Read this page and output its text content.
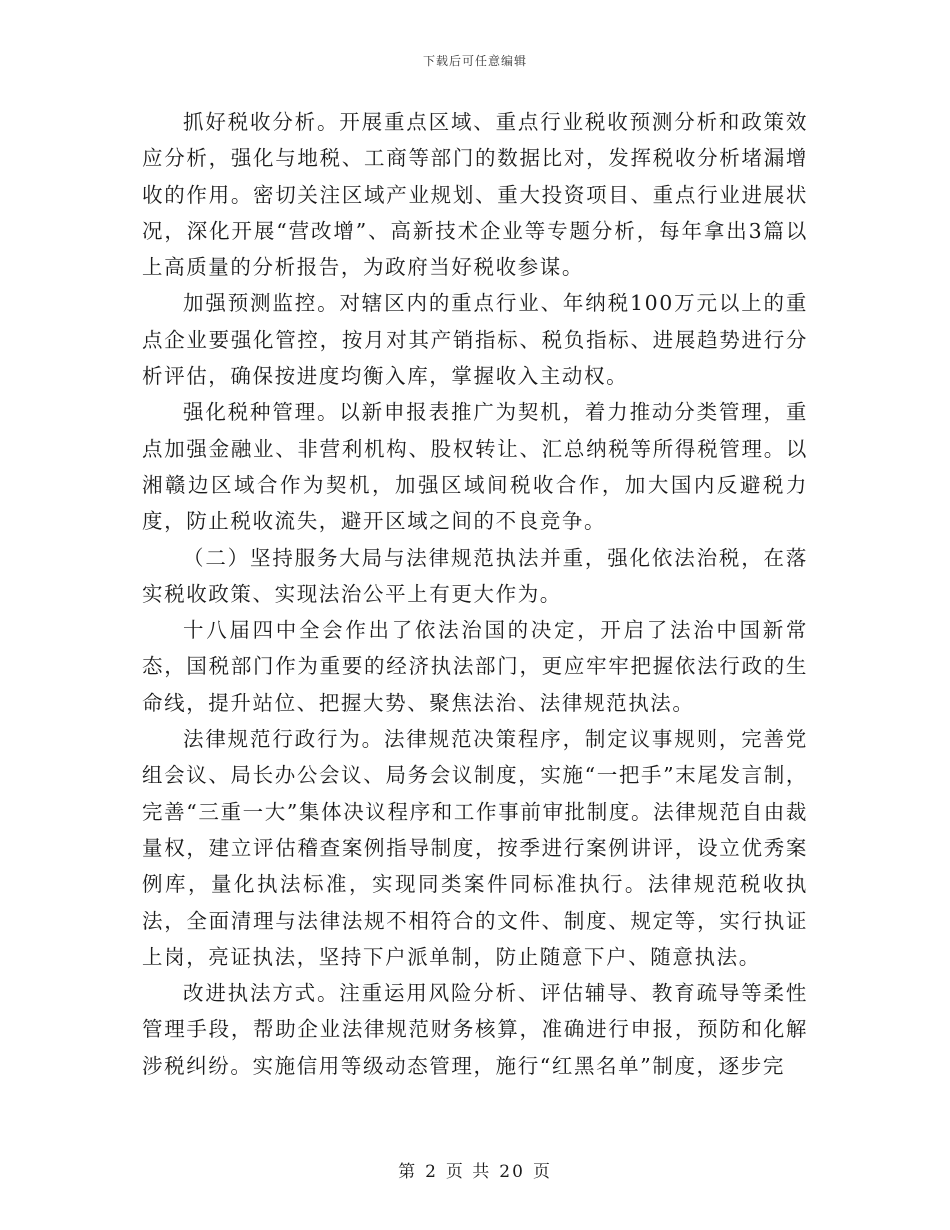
下载后可任意编辑

抓好税收分析。开展重点区域、重点行业税收预测分析和政策效应分析，强化与地税、工商等部门的数据比对，发挥税收分析堵漏增收的作用。密切关注区域产业规划、重大投资项目、重点行业进展状况，深化开展“营改增”、高新技术企业等专题分析，每年拿出3篇以上高质量的分析报告，为政府当好税收参谋。

加强预测监控。对辖区内的重点行业、年纳税100万元以上的重点企业要强化管控，按月对其产销指标、税负指标、进展趋势进行分析评估，确保按进度均衡入库，掌握收入主动权。

强化税种管理。以新申报表推广为契机，着力推动分类管理，重点加强金融业、非营利机构、股权转让、汇总纳税等所得税管理。以湘赣边区域合作为契机，加强区域间税收合作，加大国内反避税力度，防止税收流失，避开区域之间的不良竞争。

（二）坚持服务大局与法律规范执法并重，强化依法治税，在落实税收政策、实现法治公平上有更大作为。

十八届四中全会作出了依法治国的决定，开启了法治中国新常态，国税部门作为重要的经济执法部门，更应牢牢把握依法行政的生命线，提升站位、把握大势、聚焦法治、法律规范执法。

法律规范行政行为。法律规范决策程序，制定议事规则，完善党组会议、局长办公会议、局务会议制度，实施“一把手”末尾发言制，完善“三重一大”集体决议程序和工作事前审批制度。法律规范自由裁量权，建立评估稽查案例指导制度，按季进行案例讲评，设立优秀案例库，量化执法标准，实现同类案件同标准执行。法律规范税收执法，全面清理与法律法规不相符合的文件、制度、规定等，实行执证上岗，亮证执法，坚持下户派单制，防止随意下户、随意执法。

改进执法方式。注重运用风险分析、评估辅导、教育疏导等柔性管理手段，帮助企业法律规范财务核算，准确进行申报，预防和化解涉税纠纷。实施信用等级动态管理，施行“红黑名单”制度，逐步完

第 2 页 共 20 页
